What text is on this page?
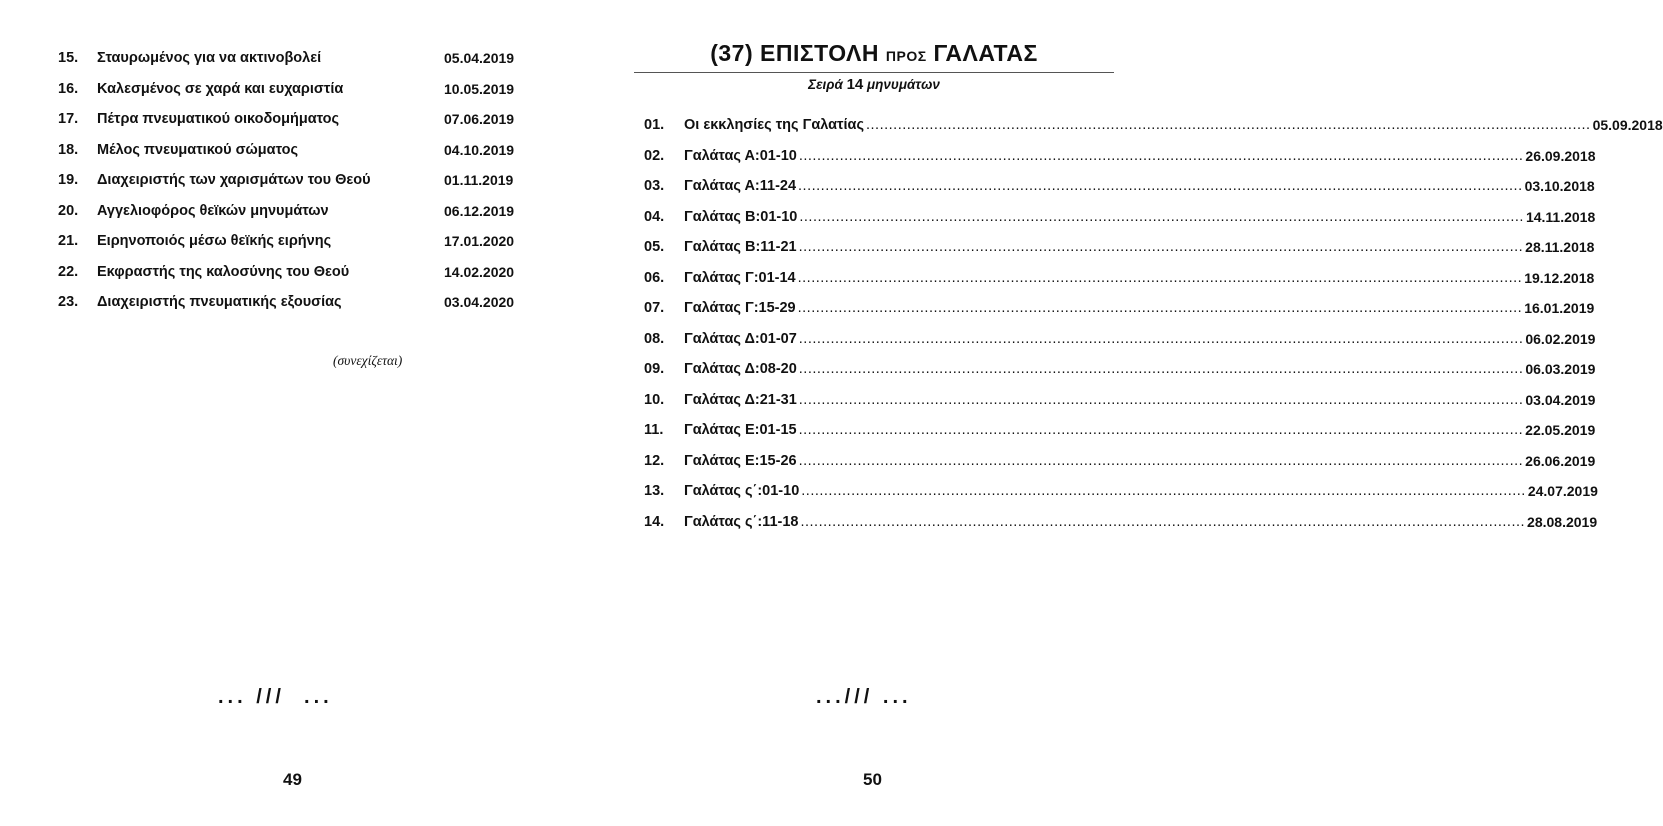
15.	Σταυρωμένος για να ακτινοβολεί	05.04.2019
16.	Καλεσμένος σε χαρά και ευχαριστία	10.05.2019
17.	Πέτρα πνευματικού οικοδομήματος	07.06.2019
18.	Μέλος πνευματικού σώματος	04.10.2019
19.	Διαχειριστής των χαρισμάτων του Θεού	01.11.2019
20.	Αγγελιοφόρος θεϊκών μηνυμάτων	06.12.2019
21.	Ειρηνοποιός μέσω θεϊκής ειρήνης	17.01.2020
22.	Εκφραστής της καλοσύνης του Θεού	14.02.2020
23.	Διαχειριστής πνευματικής εξουσίας	03.04.2020
(συνεχίζεται)
... ///  ...
49
(37) ΕΠΙΣΤΟΛΗ ΠΡΟΣ ΓΑΛΑΤΑΣ
Σειρά 14 μηνυμάτων
01.	Οι εκκλησίες της Γαλατίας ................................................................................................................................................................ 05.09.2018
02.	Γαλάτας Α:01-10 ................................................................................................................................................................ 26.09.2018
03.	Γαλάτας Α:11-24 ................................................................................................................................................................ 03.10.2018
04.	Γαλάτας Β:01-10 ................................................................................................................................................................ 14.11.2018
05.	Γαλάτας Β:11-21 ................................................................................................................................................................ 28.11.2018
06.	Γαλάτας Γ:01-14 ................................................................................................................................................................ 19.12.2018
07.	Γαλάτας Γ:15-29 ................................................................................................................................................................ 16.01.2019
08.	Γαλάτας Δ:01-07 ................................................................................................................................................................ 06.02.2019
09.	Γαλάτας Δ:08-20 ................................................................................................................................................................ 06.03.2019
10.	Γαλάτας Δ:21-31 ................................................................................................................................................................ 03.04.2019
11.	Γαλάτας Ε:01-15 ................................................................................................................................................................ 22.05.2019
12.	Γαλάτας Ε:15-26 ................................................................................................................................................................ 26.06.2019
13.	Γαλάτας ς΄:01-10 ................................................................................................................................................................ 24.07.2019
14.	Γαλάτας ς΄:11-18 ................................................................................................................................................................ 28.08.2019
.../// ...
50
